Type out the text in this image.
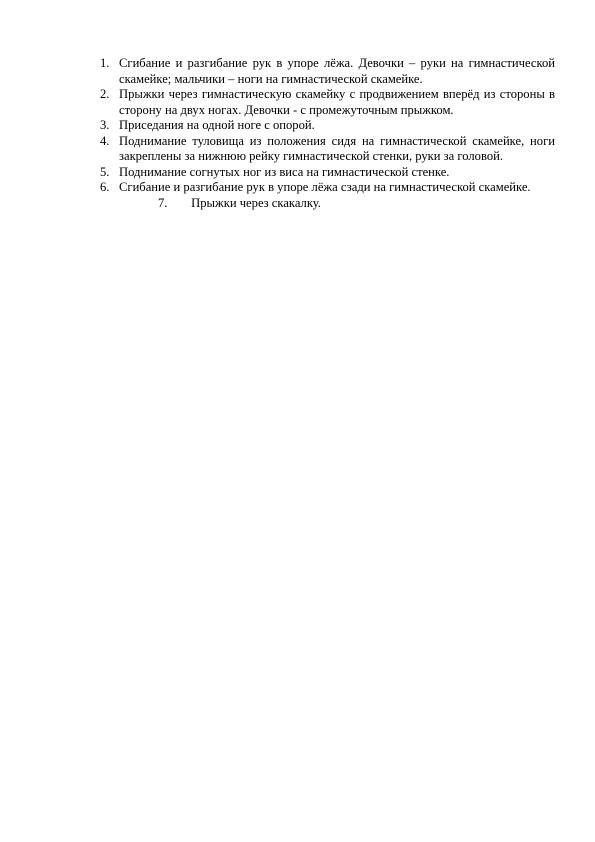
1. Сгибание и разгибание рук в упоре лёжа. Девочки – руки на гимнастической скамейке; мальчики – ноги на гимнастической скамейке.
2. Прыжки через гимнастическую скамейку с продвижением вперёд из стороны в сторону на двух ногах. Девочки - с промежуточным прыжком.
3. Приседания на одной ноге с опорой.
4. Поднимание туловища из положения сидя на гимнастической скамейке, ноги закреплены за нижнюю рейку гимнастической стенки, руки за головой.
5. Поднимание согнутых ног из виса на гимнастической стенке.
6. Сгибание и разгибание рук в упоре лёжа сзади на гимнастической скамейке.
7. Прыжки через скакалку.
